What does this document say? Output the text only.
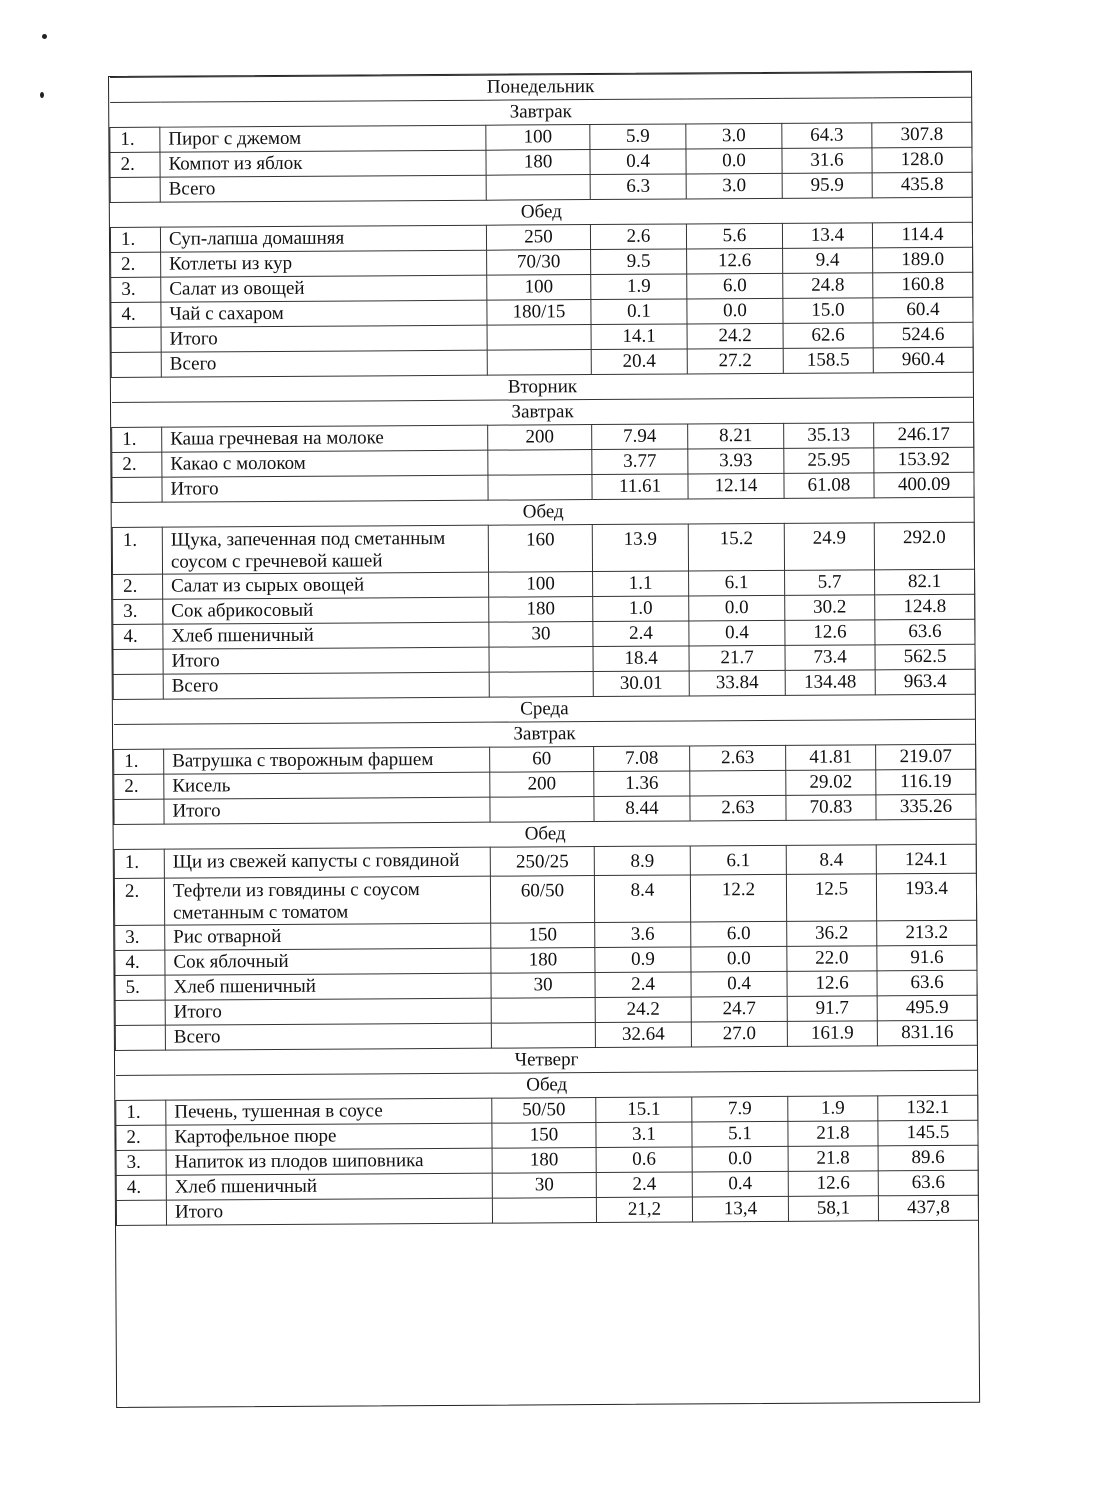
Понедельник						
Завтрак						
1.	Пирог с джемом	100	5.9	3.0	64.3	307.8
2.	Компот из яблок	180	0.4	0.0	31.6	128.0
	Всего		6.3	3.0	95.9	435.8
Обед						
1.	Суп-лапша домашняя	250	2.6	5.6	13.4	114.4
2.	Котлеты из кур	70/30	9.5	12.6	9.4	189.0
3.	Салат из овощей	100	1.9	6.0	24.8	160.8
4.	Чай с сахаром	180/15	0.1	0.0	15.0	60.4
	Итого		14.1	24.2	62.6	524.6
	Всего		20.4	27.2	158.5	960.4
Вторник						
Завтрак						
1.	Каша гречневая на молоке	200	7.94	8.21	35.13	246.17
2.	Какао с молоком		3.77	3.93	25.95	153.92
	Итого		11.61	12.14	61.08	400.09
Обед						
1.	Щука, запеченная под сметанным соусом с гречневой кашей	160	13.9	15.2	24.9	292.0
2.	Салат из сырых овощей	100	1.1	6.1	5.7	82.1
3.	Сок абрикосовый	180	1.0	0.0	30.2	124.8
4.	Хлеб пшеничный	30	2.4	0.4	12.6	63.6
	Итого		18.4	21.7	73.4	562.5
	Всего		30.01	33.84	134.48	963.4
Среда						
Завтрак						
1.	Ватрушка с творожным фаршем	60	7.08	2.63	41.81	219.07
2.	Кисель	200	1.36		29.02	116.19
	Итого		8.44	2.63	70.83	335.26
Обед						
1.	Щи из свежей капусты с говядиной	250/25	8.9	6.1	8.4	124.1
2.	Тефтели из говядины с соусом сметанным с томатом	60/50	8.4	12.2	12.5	193.4
3.	Рис отварной	150	3.6	6.0	36.2	213.2
4.	Сок яблочный	180	0.9	0.0	22.0	91.6
5.	Хлеб пшеничный	30	2.4	0.4	12.6	63.6
	Итого		24.2	24.7	91.7	495.9
	Всего		32.64	27.0	161.9	831.16
Четверг						
Обед						
1.	Печень, тушенная в соусе	50/50	15.1	7.9	1.9	132.1
2.	Картофельное пюре	150	3.1	5.1	21.8	145.5
3.	Напиток из плодов шиповника	180	0.6	0.0	21.8	89.6
4.	Хлеб пшеничный	30	2.4	0.4	12.6	63.6
	Итого		21,2	13,4	58,1	437,8
